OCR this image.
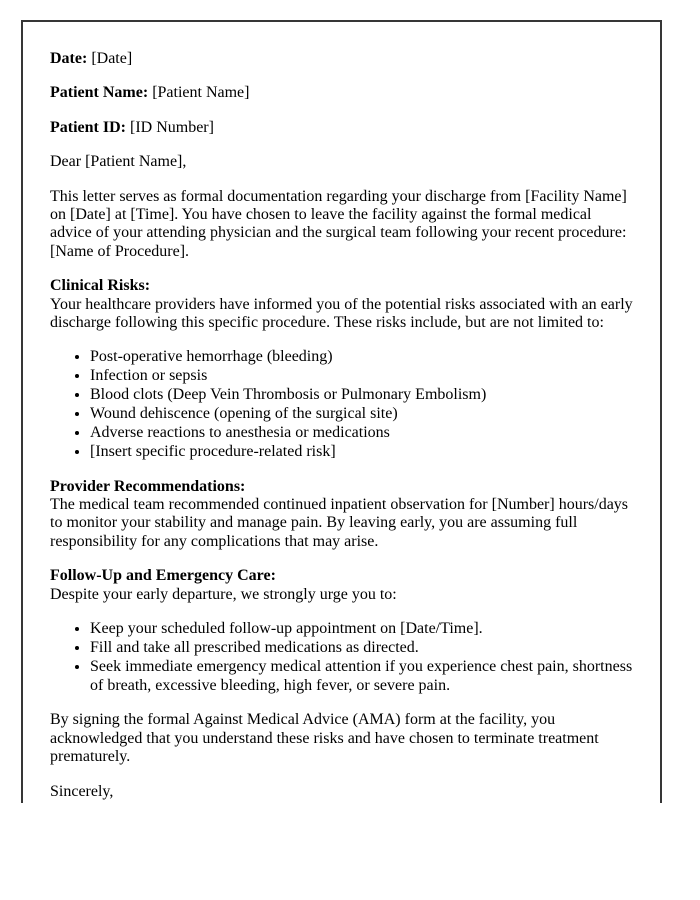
Date: [Date]

Patient Name: [Patient Name]

Patient ID: [ID Number]

Dear [Patient Name],

This letter serves as formal documentation regarding your discharge from [Facility Name] on [Date] at [Time]. You have chosen to leave the facility against the formal medical advice of your attending physician and the surgical team following your recent procedure: [Name of Procedure].

Clinical Risks:
Your healthcare providers have informed you of the potential risks associated with an early discharge following this specific procedure. These risks include, but are not limited to:

• Post-operative hemorrhage (bleeding)
• Infection or sepsis
• Blood clots (Deep Vein Thrombosis or Pulmonary Embolism)
• Wound dehiscence (opening of the surgical site)
• Adverse reactions to anesthesia or medications
• [Insert specific procedure-related risk]

Provider Recommendations:
The medical team recommended continued inpatient observation for [Number] hours/days to monitor your stability and manage pain. By leaving early, you are assuming full responsibility for any complications that may arise.

Follow-Up and Emergency Care:
Despite your early departure, we strongly urge you to:

• Keep your scheduled follow-up appointment on [Date/Time].
• Fill and take all prescribed medications as directed.
• Seek immediate emergency medical attention if you experience chest pain, shortness of breath, excessive bleeding, high fever, or severe pain.

By signing the formal Against Medical Advice (AMA) form at the facility, you acknowledged that you understand these risks and have chosen to terminate treatment prematurely.

Sincerely,
